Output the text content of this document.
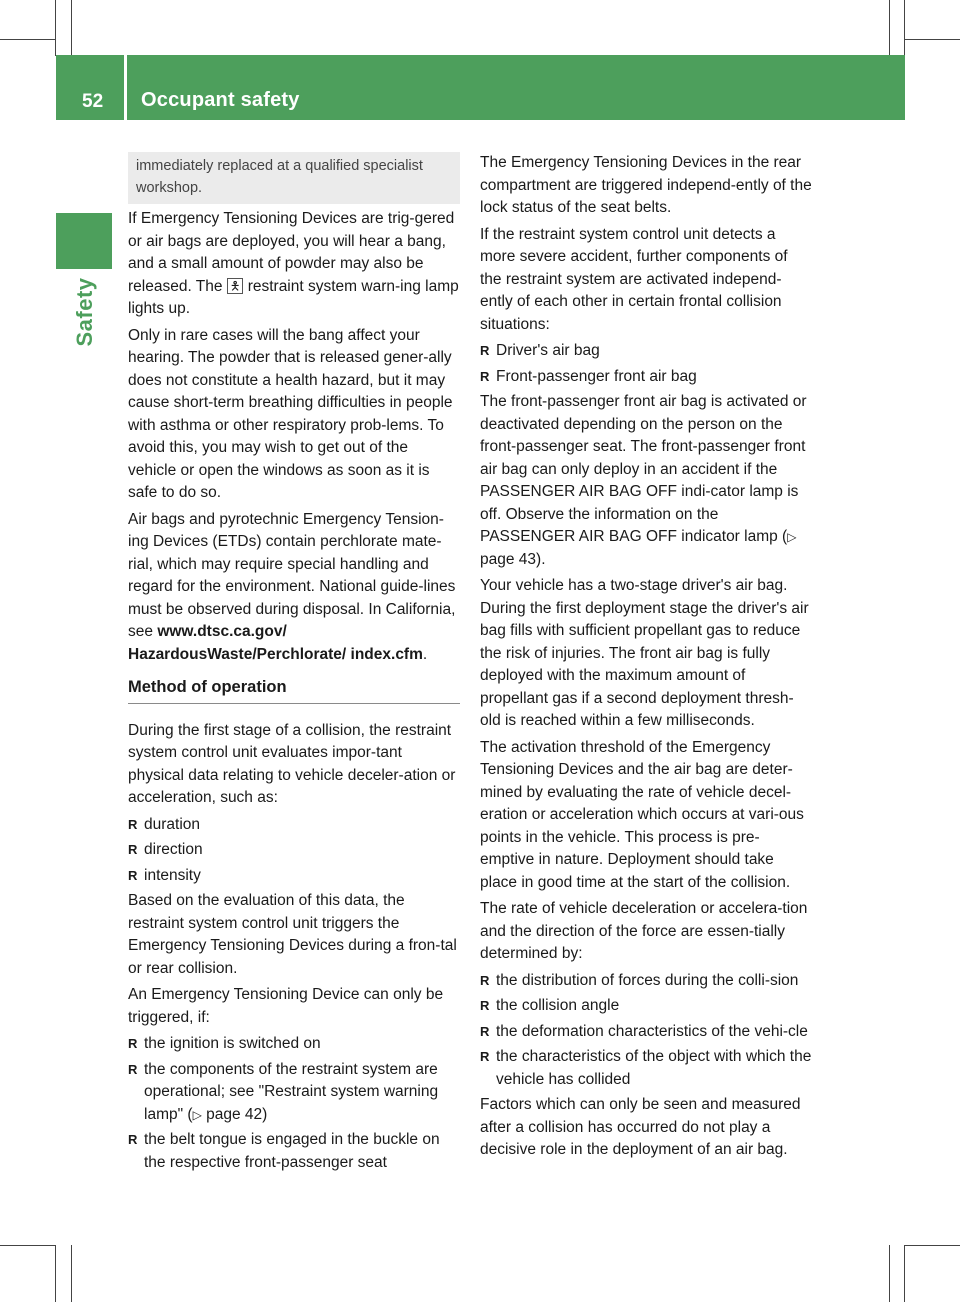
52 Occupant safety
Safety
immediately replaced at a qualified specialist workshop.

If Emergency Tensioning Devices are trig-gered or air bags are deployed, you will hear a bang, and a small amount of powder may also be released. The 🯅 restraint system warn-ing lamp lights up.

Only in rare cases will the bang affect your hearing. The powder that is released gener-ally does not constitute a health hazard, but it may cause short-term breathing difficulties in people with asthma or other respiratory prob-lems. To avoid this, you may wish to get out of the vehicle or open the windows as soon as it is safe to do so.

Air bags and pyrotechnic Emergency Tension-ing Devices (ETDs) contain perchlorate mate-rial, which may require special handling and regard for the environment. National guide-lines must be observed during disposal. In California, see www.dtsc.ca.gov/ HazardousWaste/Perchlorate/ index.cfm.

Method of operation

During the first stage of a collision, the restraint system control unit evaluates impor-tant physical data relating to vehicle deceler-ation or acceleration, such as:

R duration
R direction
R intensity

Based on the evaluation of this data, the restraint system control unit triggers the Emergency Tensioning Devices during a fron-tal or rear collision.

An Emergency Tensioning Device can only be triggered, if:

R the ignition is switched on
R the components of the restraint system are operational; see "Restraint system warning lamp" (▷ page 42)
R the belt tongue is engaged in the buckle on the respective front-passenger seat

The Emergency Tensioning Devices in the rear compartment are triggered independ-ently of the lock status of the seat belts.

If the restraint system control unit detects a more severe accident, further components of the restraint system are activated independ-ently of each other in certain frontal collision situations:

R Driver's air bag
R Front-passenger front air bag

The front-passenger front air bag is activated or deactivated depending on the person on the front-passenger seat. The front-passenger front air bag can only deploy in an accident if the PASSENGER AIR BAG OFF indi-cator lamp is off. Observe the information on the PASSENGER AIR BAG OFF indicator lamp (▷ page 43).

Your vehicle has a two-stage driver's air bag. During the first deployment stage the driver's air bag fills with sufficient propellant gas to reduce the risk of injuries. The front air bag is fully deployed with the maximum amount of propellant gas if a second deployment thresh-old is reached within a few milliseconds.

The activation threshold of the Emergency Tensioning Devices and the air bag are deter-mined by evaluating the rate of vehicle decel-eration or acceleration which occurs at vari-ous points in the vehicle. This process is pre-emptive in nature. Deployment should take place in good time at the start of the collision.

The rate of vehicle deceleration or accelera-tion and the direction of the force are essen-tially determined by:

R the distribution of forces during the colli-sion
R the collision angle
R the deformation characteristics of the vehi-cle
R the characteristics of the object with which the vehicle has collided

Factors which can only be seen and measured after a collision has occurred do not play a decisive role in the deployment of an air bag.
